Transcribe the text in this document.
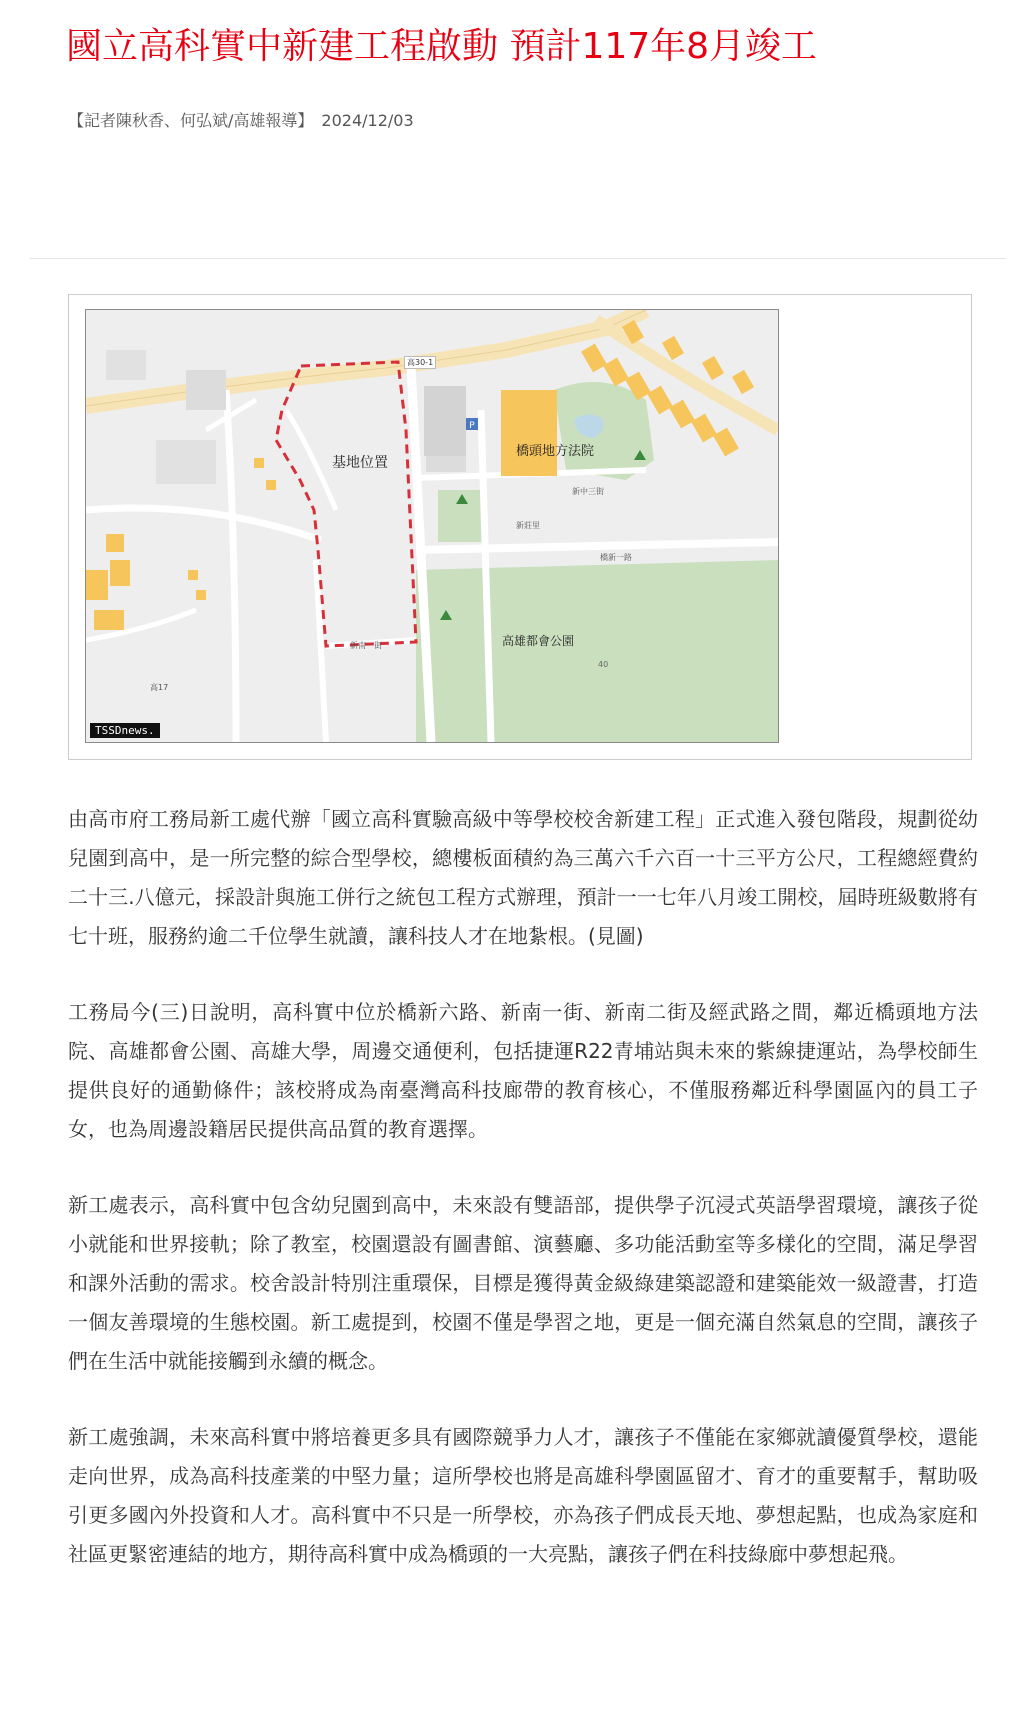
國立高科實中新建工程啟動 預計117年8月竣工
【記者陳秋香、何弘斌/高雄報導】 2024/12/03
P
基地位置
橋頭地方法院
高雄都會公園
高30-1
新中三街
橋新一路
新南一街
高17
40
新莊里
TSSDnews.

由高市府工務局新工處代辦「國立高科實驗高級中等學校校舍新建工程」正式進入發包階段，規劃從幼兒園到高中，是一所完整的綜合型學校，總樓板面積約為三萬六千六百一十三平方公尺，工程總經費約二十三.八億元，採設計與施工併行之統包工程方式辦理，預計一一七年八月竣工開校，屆時班級數將有七十班，服務約逾二千位學生就讀，讓科技人才在地紮根。(見圖)

工務局今(三)日說明，高科實中位於橋新六路、新南一街、新南二街及經武路之間，鄰近橋頭地方法院、高雄都會公園、高雄大學，周邊交通便利，包括捷運R22青埔站與未來的紫線捷運站，為學校師生提供良好的通勤條件；該校將成為南臺灣高科技廊帶的教育核心，不僅服務鄰近科學園區內的員工子女，也為周邊設籍居民提供高品質的教育選擇。

新工處表示，高科實中包含幼兒園到高中，未來設有雙語部，提供學子沉浸式英語學習環境，讓孩子從小就能和世界接軌；除了教室，校園還設有圖書館、演藝廳、多功能活動室等多樣化的空間，滿足學習和課外活動的需求。校舍設計特別注重環保，目標是獲得黃金級綠建築認證和建築能效一級證書，打造一個友善環境的生態校園。新工處提到，校園不僅是學習之地，更是一個充滿自然氣息的空間，讓孩子們在生活中就能接觸到永續的概念。

新工處強調，未來高科實中將培養更多具有國際競爭力人才，讓孩子不僅能在家鄉就讀優質學校，還能走向世界，成為高科技產業的中堅力量；這所學校也將是高雄科學園區留才、育才的重要幫手，幫助吸引更多國內外投資和人才。高科實中不只是一所學校，亦為孩子們成長天地、夢想起點，也成為家庭和社區更緊密連結的地方，期待高科實中成為橋頭的一大亮點，讓孩子們在科技綠廊中夢想起飛。
